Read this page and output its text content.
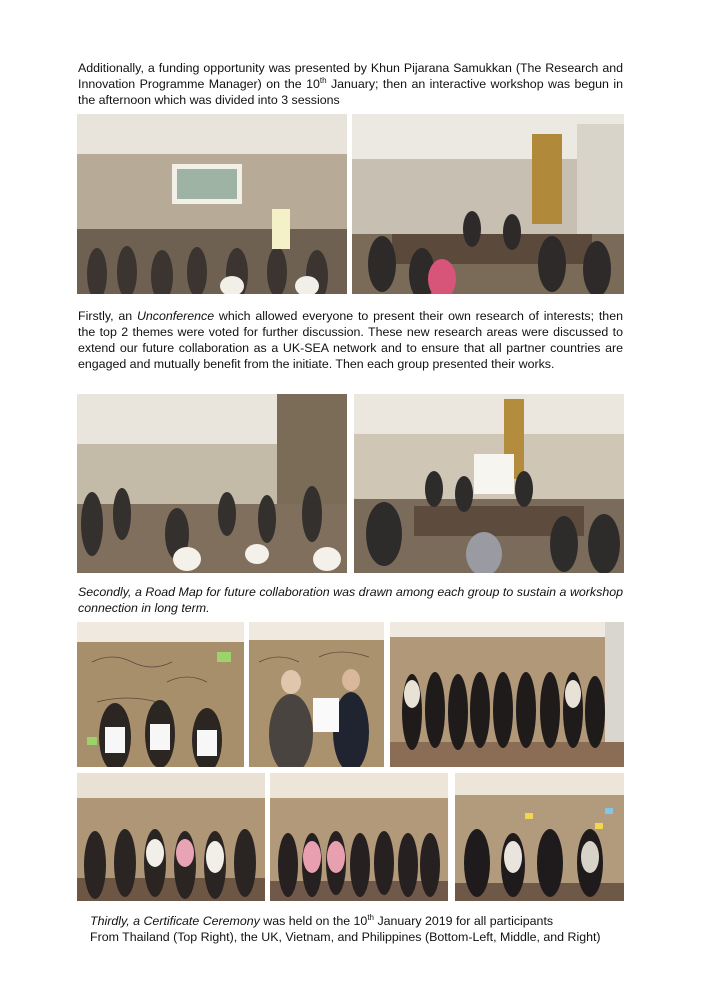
Additionally, a funding opportunity was presented by Khun Pijarana Samukkan (The Research and Innovation Programme Manager) on the 10th January; then an interactive workshop was begun in the afternoon which was divided into 3 sessions

Firstly, an Unconference which allowed everyone to present their own research of interests; then the top 2 themes were voted for further discussion. These new research areas were discussed to extend our future collaboration as a UK-SEA network and to ensure that all partner countries are engaged and mutually benefit from the initiate. Then each group presented their works.

Secondly, a Road Map for future collaboration was drawn among each group to sustain a workshop connection in long term.

Thirdly, a Certificate Ceremony was held on the 10th January 2019 for all participants
From Thailand (Top Right), the UK, Vietnam, and Philippines (Bottom-Left, Middle, and Right)
